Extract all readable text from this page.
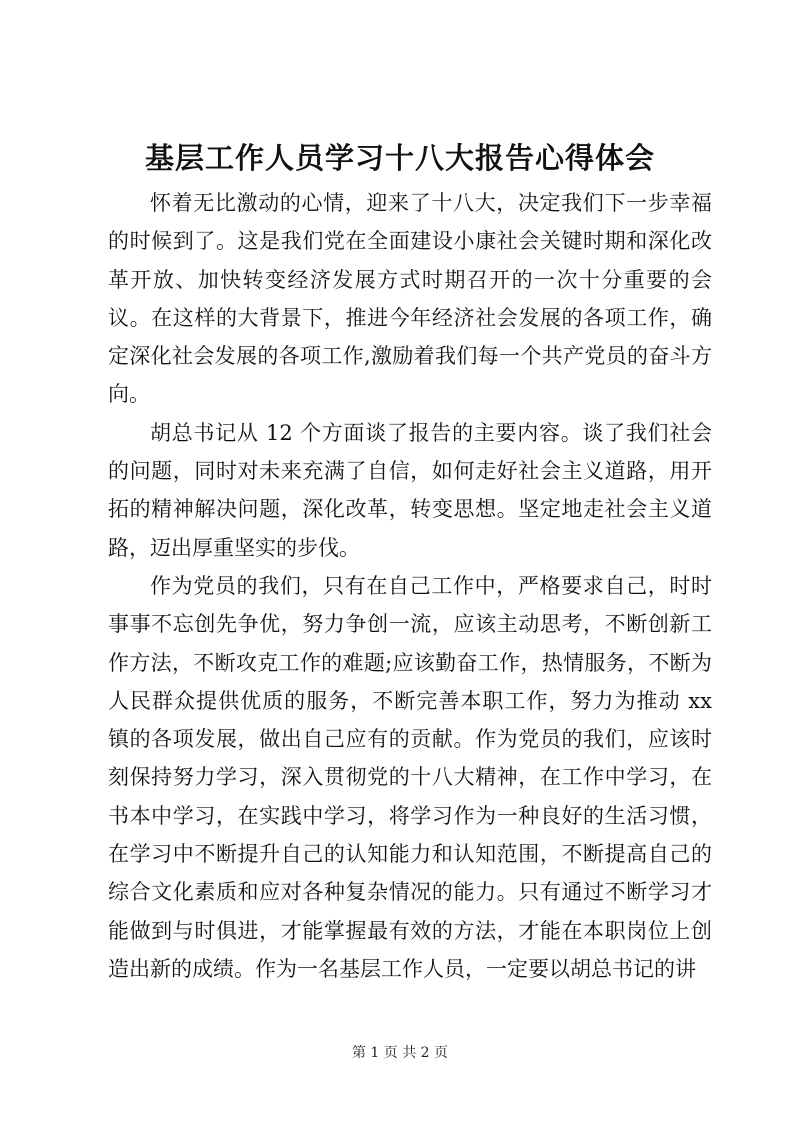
基层工作人员学习十八大报告心得体会

怀着无比激动的心情，迎来了十八大，决定我们下一步幸福的时候到了。这是我们党在全面建设小康社会关键时期和深化改革开放、加快转变经济发展方式时期召开的一次十分重要的会议。在这样的大背景下，推进今年经济社会发展的各项工作，确定深化社会发展的各项工作,激励着我们每一个共产党员的奋斗方向。

胡总书记从 12 个方面谈了报告的主要内容。谈了我们社会的问题，同时对未来充满了自信，如何走好社会主义道路，用开拓的精神解决问题，深化改革，转变思想。坚定地走社会主义道路，迈出厚重坚实的步伐。

作为党员的我们，只有在自己工作中，严格要求自己，时时事事不忘创先争优，努力争创一流，应该主动思考，不断创新工作方法，不断攻克工作的难题;应该勤奋工作，热情服务，不断为人民群众提供优质的服务，不断完善本职工作，努力为推动 xx 镇的各项发展，做出自己应有的贡献。作为党员的我们，应该时刻保持努力学习，深入贯彻党的十八大精神，在工作中学习，在书本中学习，在实践中学习，将学习作为一种良好的生活习惯，在学习中不断提升自己的认知能力和认知范围，不断提高自己的综合文化素质和应对各种复杂情况的能力。只有通过不断学习才能做到与时俱进，才能掌握最有效的方法，才能在本职岗位上创造出新的成绩。作为一名基层工作人员，一定要以胡总书记的讲

第 1 页 共 2 页
